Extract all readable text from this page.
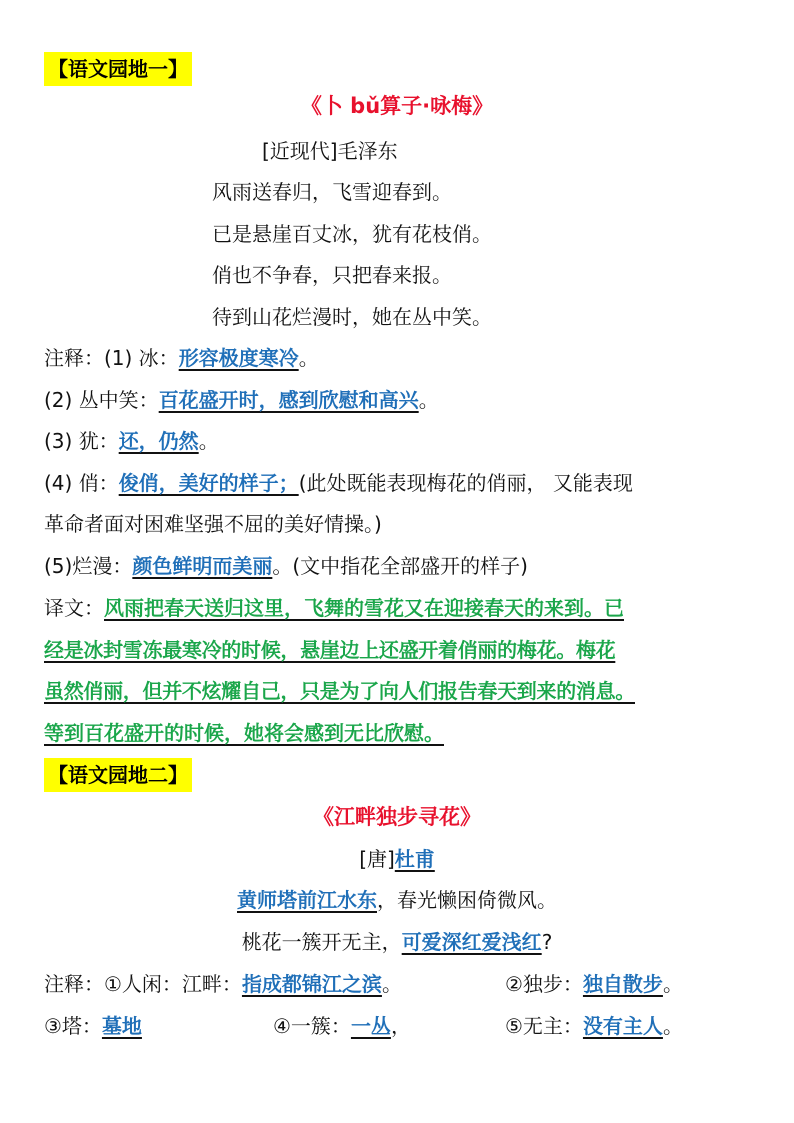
【语文园地一】
《卜 bǔ算子·咏梅》
[近现代]毛泽东
风雨送春归，飞雪迎春到。
已是悬崖百丈冰，犹有花枝俏。
俏也不争春，只把春来报。
待到山花烂漫时，她在丛中笑。
注释：(1) 冰：形容极度寒冷。
(2) 丛中笑：百花盛开时，感到欣慰和高兴。
(3) 犹：还，仍然。
(4) 俏：俊俏，美好的样子；(此处既能表现梅花的俏丽， 又能表现
革命者面对困难坚强不屈的美好情操。)
(5)烂漫：颜色鲜明而美丽。(文中指花全部盛开的样子)
译文：风雨把春天送归这里，飞舞的雪花又在迎接春天的来到。已
经是冰封雪冻最寒冷的时候，悬崖边上还盛开着俏丽的梅花。梅花
虽然俏丽，但并不炫耀自己，只是为了向人们报告春天到来的消息。
等到百花盛开的时候，她将会感到无比欣慰。
【语文园地二】
《江畔独步寻花》
[唐]杜甫
黄师塔前江水东，春光懒困倚微风。
桃花一簇开无主，可爱深红爱浅红?
注释：①人闲：江畔：指成都锦江之滨。	②独步：独自散步。
③塔：墓地	④一簇：一丛，	⑤无主：没有主人。
